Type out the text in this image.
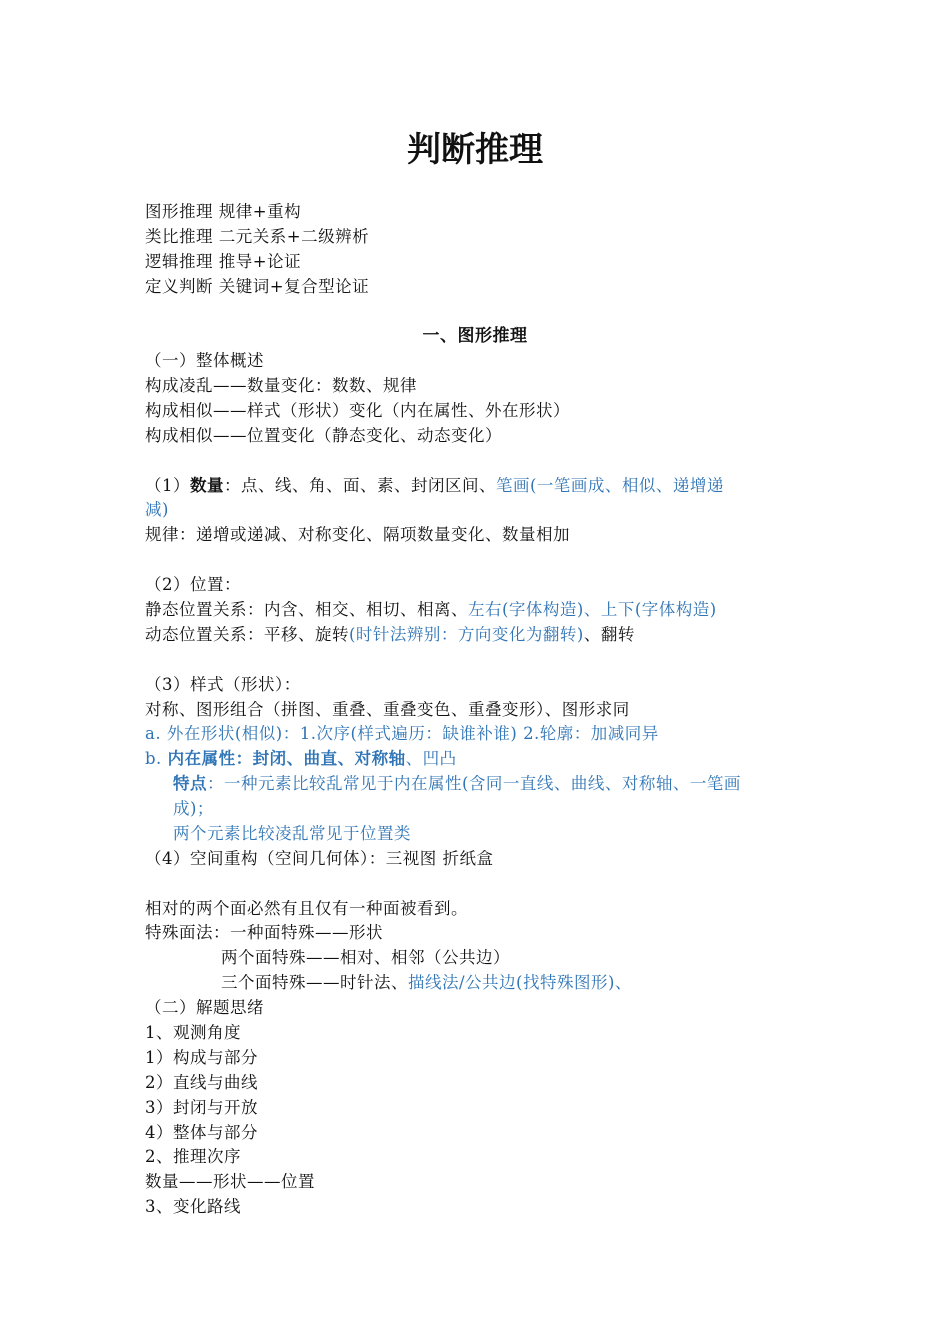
判断推理
图形推理 规律+重构
类比推理 二元关系+二级辨析
逻辑推理 推导+论证
定义判断 关键词+复合型论证
一、图形推理
（一）整体概述
构成凌乱——数量变化：数数、规律
构成相似——样式（形状）变化（内在属性、外在形状）
构成相似——位置变化（静态变化、动态变化）
（1）数量：点、线、角、面、素、封闭区间、笔画(一笔画成、相似、递增递
减)
规律：递增或递减、对称变化、隔项数量变化、数量相加
（2）位置：
静态位置关系：内含、相交、相切、相离、左右(字体构造)、上下(字体构造)
动态位置关系：平移、旋转(时针法辨别：方向变化为翻转)、翻转
（3）样式（形状）：
对称、图形组合（拼图、重叠、重叠变色、重叠变形）、图形求同
a. 外在形状(相似)：1.次序(样式遍历：缺谁补谁) 2.轮廓：加减同异
b. 内在属性：封闭、曲直、对称轴、凹凸
特点：一种元素比较乱常见于内在属性(含同一直线、曲线、对称轴、一笔画
成)；
两个元素比较凌乱常见于位置类
（4）空间重构（空间几何体）：三视图 折纸盒
相对的两个面必然有且仅有一种面被看到。
特殊面法：一种面特殊——形状
两个面特殊——相对、相邻（公共边）
三个面特殊——时针法、描线法/公共边(找特殊图形)、
（二）解题思绪
1、观测角度
1）构成与部分
2）直线与曲线
3）封闭与开放
4）整体与部分
2、推理次序
数量——形状——位置
3、变化路线
